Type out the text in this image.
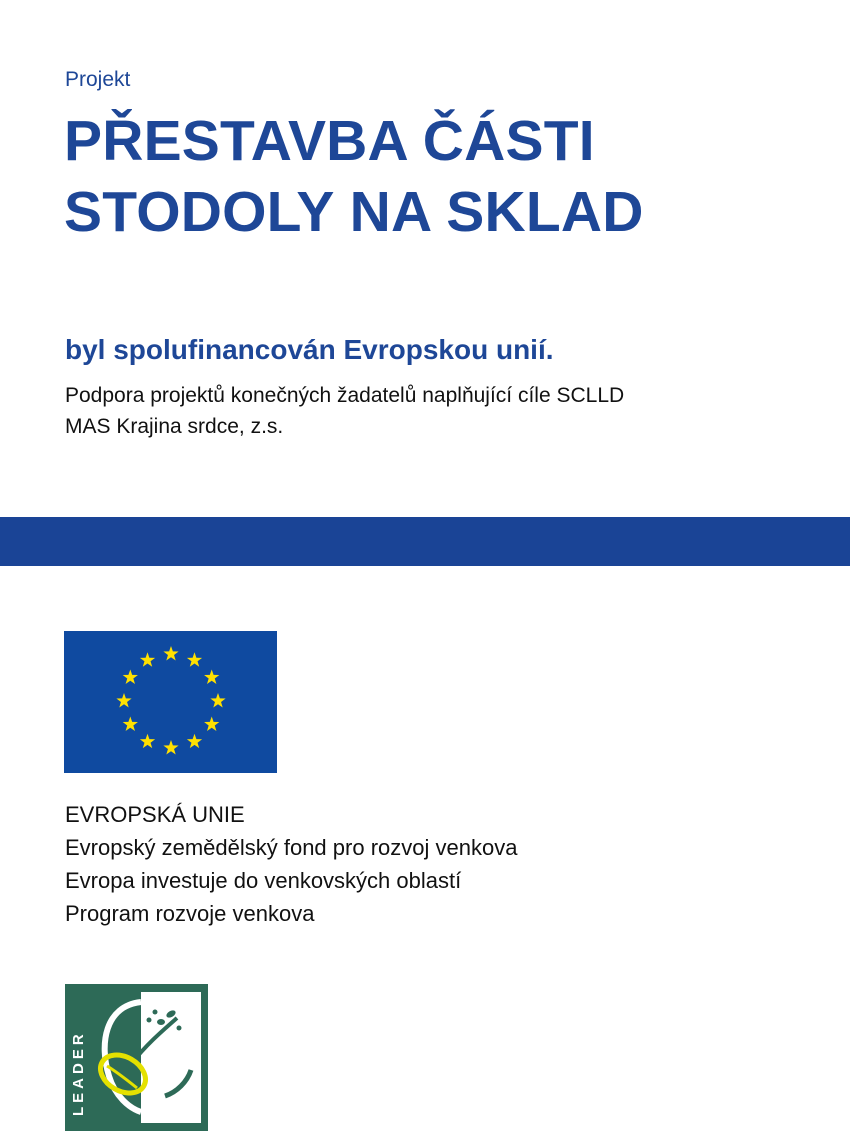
Projekt
PŘESTAVBA ČÁSTI
STODOLY NA SKLAD
byl spolufinancován Evropskou unií.
Podpora projektů konečných žadatelů naplňující cíle SCLLD
MAS Krajina srdce, z.s.
EVROPSKÁ UNIE
Evropský zemědělský fond pro rozvoj venkova
Evropa investuje do venkovských oblastí
Program rozvoje venkova
LEADER
